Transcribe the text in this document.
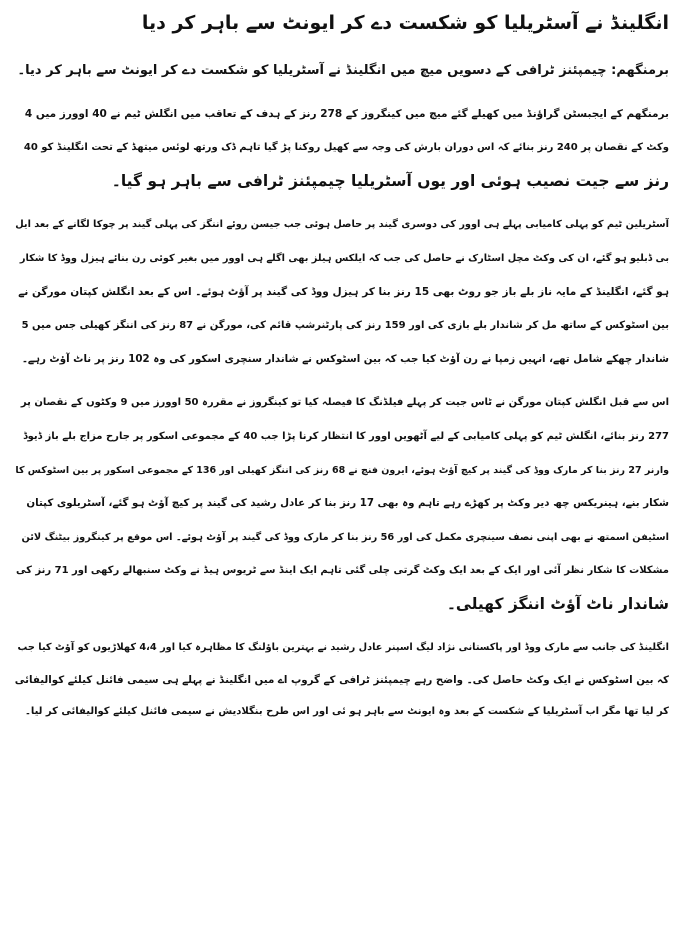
انگلینڈ نے آسٹریلیا کو شکست دے کر ایونٹ سے باہر کر دیا
برمنگھم: چیمپئنز ٹرافی کے دسویں میچ میں انگلینڈ نے آسٹریلیا کو شکست دے کر ایونٹ سے باہر کر دیا۔
برمنگھم کے ایجبسٹن گراؤنڈ میں کھیلے گئے میچ میں کینگروز کے 278 رنز کے ہدف کے تعاقب میں انگلش ٹیم نے 40 اوورز میں 4
وکٹ کے نقصان پر 240 رنز بنائے کہ اس دوران بارش کی وجہ سے کھیل روکنا پڑ گیا تاہم ڈک ورتھ لوئس میتھڈ کے تحت انگلینڈ کو 40
رنز سے جیت نصیب ہوئی اور یوں آسٹریلیا چیمپئنز ٹرافی سے باہر ہو گیا۔
آسٹریلین ٹیم کو پہلی کامیابی پہلے ہی اوور کی دوسری گیند پر حاصل ہوئی جب جیسن روئے اننگز کی پہلی گیند پر چوکا لگانے کے بعد ایل
بی ڈبلیو ہو گئے، ان کی وکٹ مچل اسٹارک نے حاصل کی جب کہ ایلکس ہیلز بھی اگلے ہی اوور میں بغیر کوئی رن بنائے ہیزل ووڈ کا شکار
ہو گئے، انگلینڈ کے مایہ ناز بلے باز جو روٹ بھی 15 رنز بنا کر ہیزل ووڈ کی گیند پر آؤٹ ہوئے۔ اس کے بعد انگلش کپتان مورگن نے
بین اسٹوکس کے ساتھ مل کر شاندار بلے بازی کی اور 159 رنز کی پارٹنرشپ قائم کی، مورگن نے 87 رنز کی اننگز کھیلی جس میں 5
شاندار چھکے شامل تھے، انہیں زمپا نے رن آؤٹ کیا جب کہ بین اسٹوکس نے شاندار سنچری اسکور کی وہ 102 رنز پر ناٹ آؤٹ رہے۔
اس سے قبل انگلش کپتان مورگن نے ٹاس جیت کر پہلے فیلڈنگ کا فیصلہ کیا تو کینگروز نے مقررہ 50 اوورز میں 9 وکٹوں کے نقصان پر
277 رنز بنائے، انگلش ٹیم کو پہلی کامیابی کے لیے آٹھویں اوور کا انتظار کرنا پڑا جب 40 کے مجموعی اسکور پر جارح مزاج بلے باز ڈیوڈ
وارنر 27 رنز بنا کر مارک ووڈ کی گیند پر کیچ آؤٹ ہوئے، ایرون فنچ نے 68 رنز کی اننگز کھیلی اور 136 کے مجموعی اسکور پر بین اسٹوکس کا
شکار بنے، ہینریکس چھ دیر وکٹ پر کھڑے رہے تاہم وہ بھی 17 رنز بنا کر عادل رشید کی گیند پر کیچ آؤٹ ہو گئے، آسٹریلوی کپتان
اسٹیفن اسمتھ نے بھی اپنی نصف سینچری مکمل کی اور 56 رنز بنا کر مارک ووڈ کی گیند پر آؤٹ ہوئے۔ اس موقع پر کینگروز بیٹنگ لائن
مشکلات کا شکار نظر آئی اور ایک کے بعد ایک وکٹ گرتی چلی گئی تاہم ایک اینڈ سے ٹریوس ہیڈ نے وکٹ سنبھالے رکھی اور 71 رنز کی
شاندار ناٹ آؤٹ اننگز کھیلی۔
انگلینڈ کی جانب سے مارک ووڈ اور پاکستانی نژاد لیگ اسپنر عادل رشید نے بہترین باؤلنگ کا مظاہرہ کیا اور 4،4 کھلاڑیوں کو آؤٹ کیا جب
کہ بین اسٹوکس نے ایک وکٹ حاصل کی۔ واضح رہے چیمپئنز ٹرافی کے گروپ اے میں انگلینڈ نے پہلے ہی سیمی فائنل کیلئے کوالیفائی
کر لیا تھا مگر اب آسٹریلیا کے شکست کے بعد وہ ایونٹ سے باہر ہو ئی اور اس طرح بنگلادیش نے سیمی فائنل کیلئے کوالیفائی کر لیا۔
